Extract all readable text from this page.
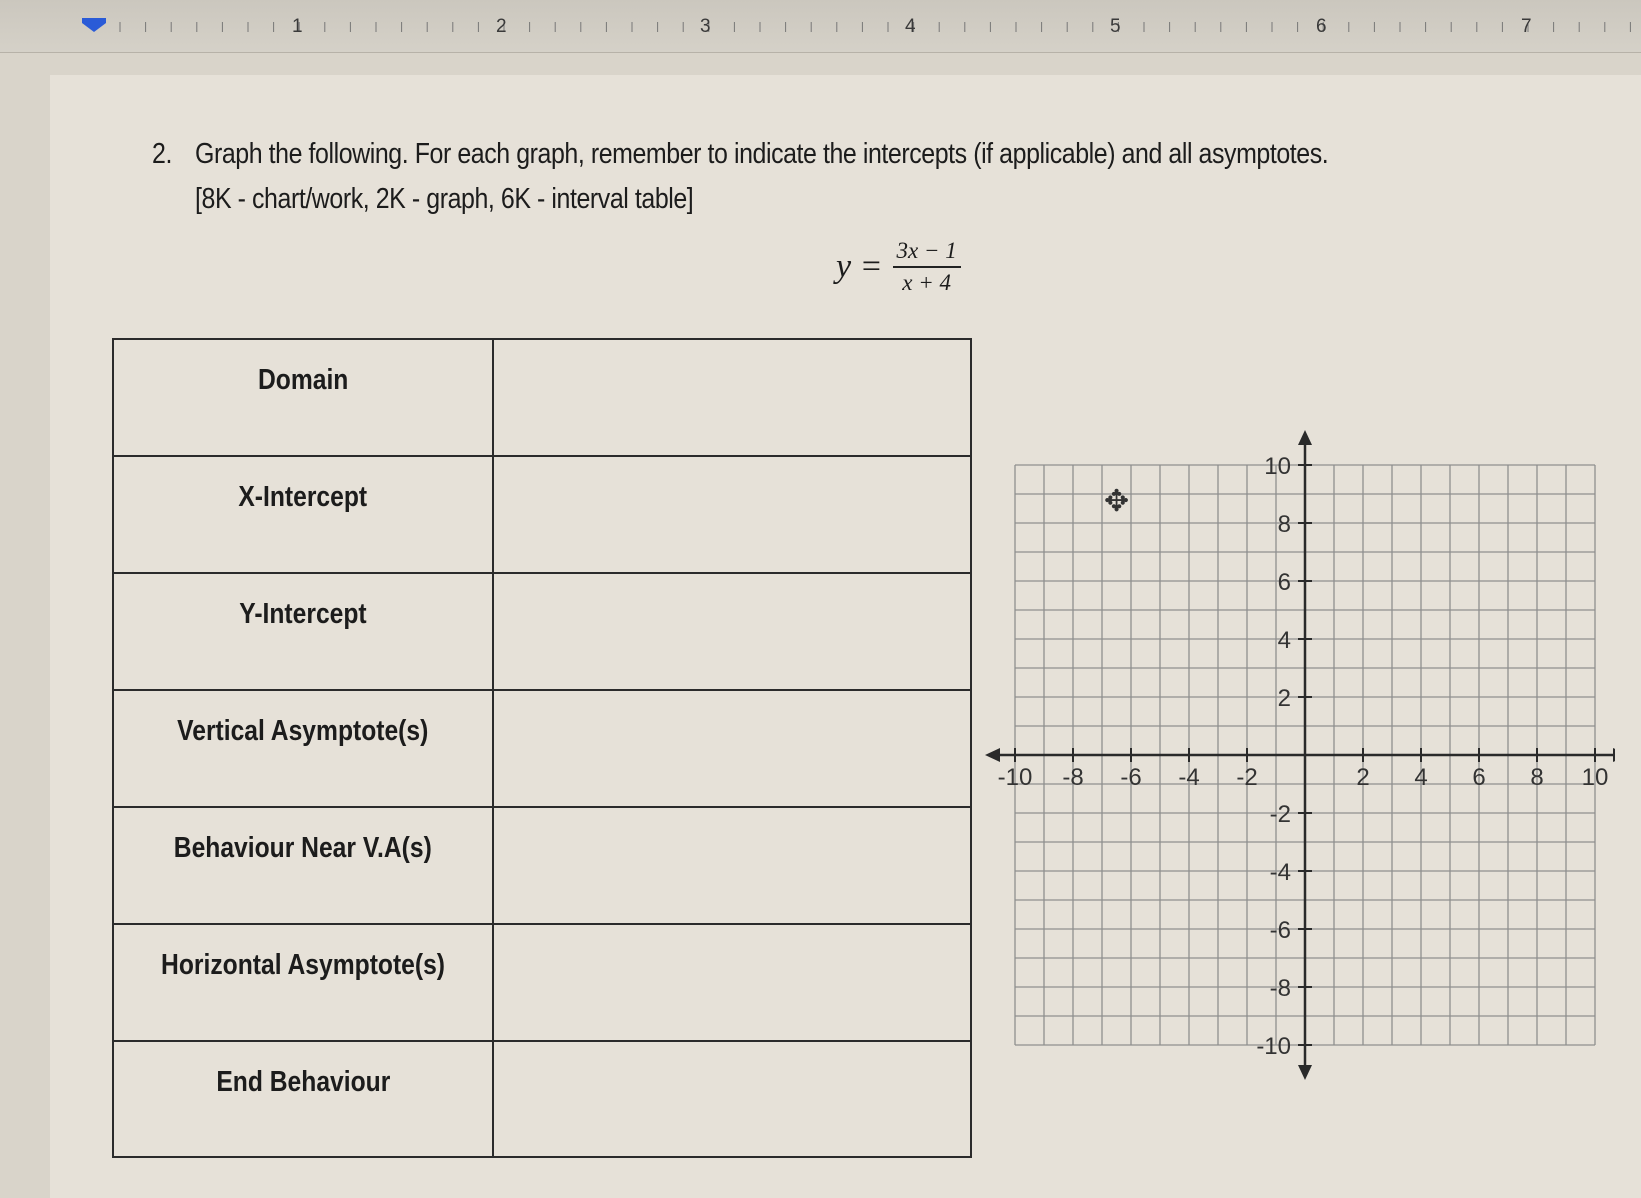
1	2	3	4	5	6	7
2. Graph the following. For each graph, remember to indicate the intercepts (if applicable) and all asymptotes.
[8K - chart/work, 2K - graph, 6K - interval table]
$y = \frac{3x - 1}{x + 4}$
Domain
X-Intercept
Y-Intercept
Vertical Asymptote(s)
Behaviour Near V.A(s)
Horizontal Asymptote(s)
End Behaviour
-10 -8 -6 -4 -2	2 4 6 8 10
10
8
6
4
2
-2
-4
-6
-8
-10
✥
